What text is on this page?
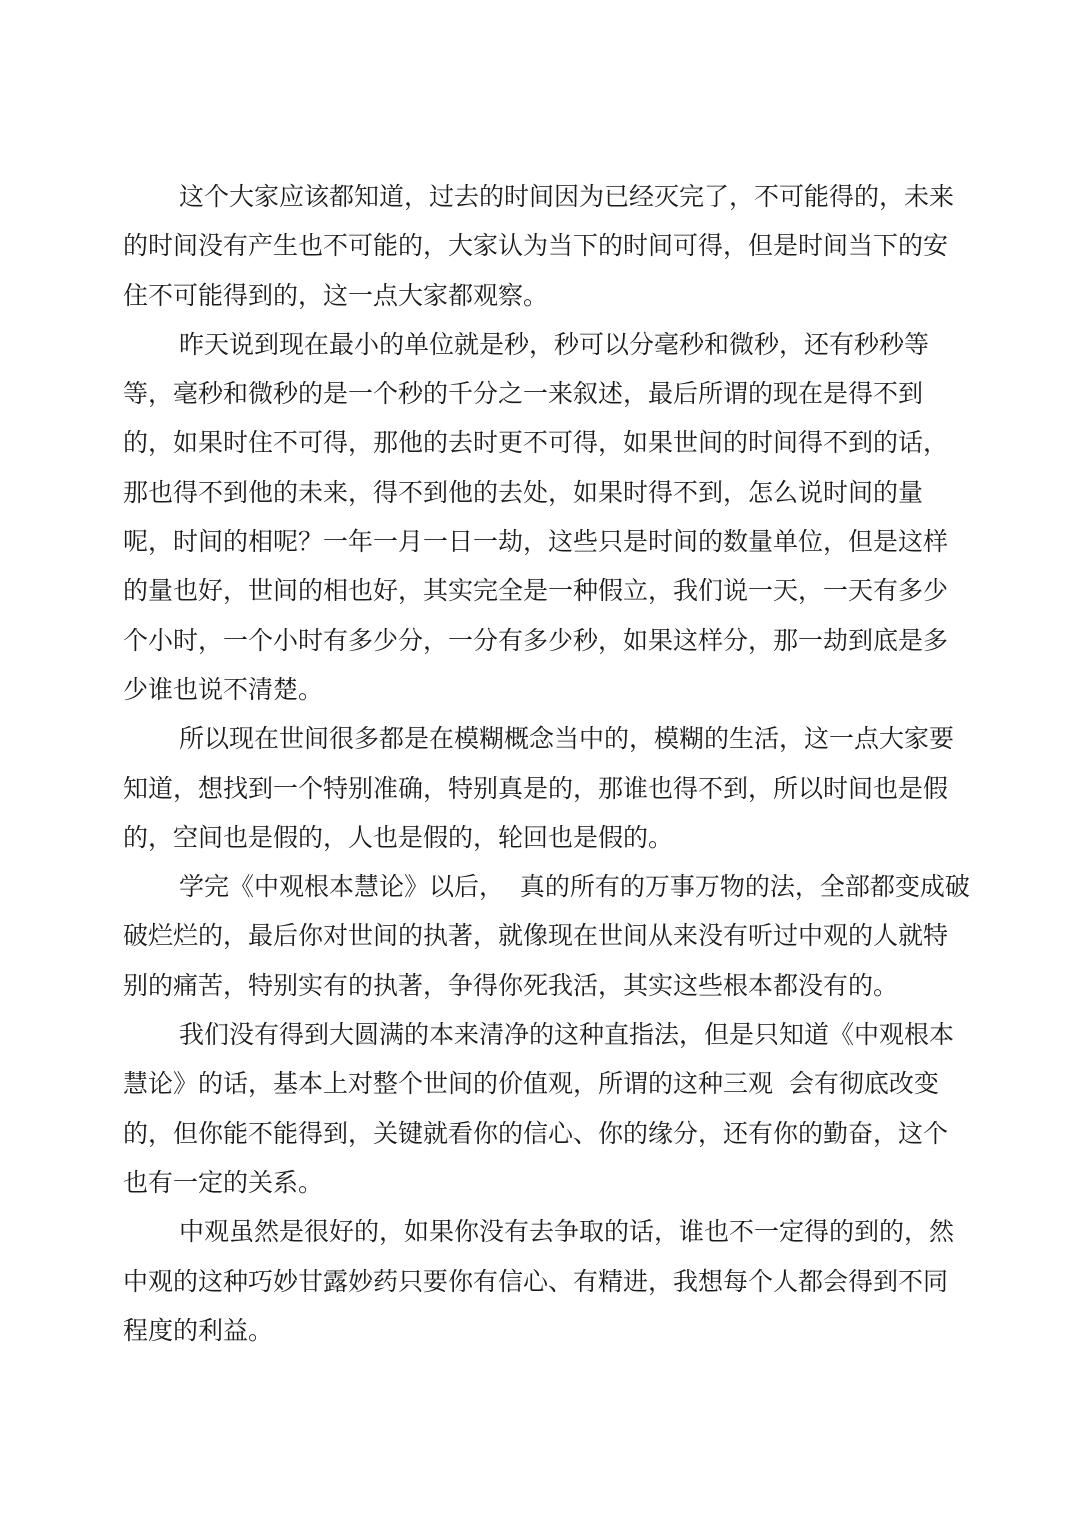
这个大家应该都知道，过去的时间因为已经灭完了，不可能得的，未来
的时间没有产生也不可能的，大家认为当下的时间可得，但是时间当下的安
住不可能得到的，这一点大家都观察。

昨天说到现在最小的单位就是秒，秒可以分毫秒和微秒，还有秒秒等
等，毫秒和微秒的是一个秒的千分之一来叙述，最后所谓的现在是得不到
的，如果时住不可得，那他的去时更不可得，如果世间的时间得不到的话，
那也得不到他的未来，得不到他的去处，如果时得不到，怎么说时间的量
呢，时间的相呢？一年一月一日一劫，这些只是时间的数量单位，但是这样
的量也好，世间的相也好，其实完全是一种假立，我们说一天，一天有多少
个小时，一个小时有多少分，一分有多少秒，如果这样分，那一劫到底是多
少谁也说不清楚。

所以现在世间很多都是在模糊概念当中的，模糊的生活，这一点大家要
知道，想找到一个特别准确，特别真是的，那谁也得不到，所以时间也是假
的，空间也是假的，人也是假的，轮回也是假的。

学完《中观根本慧论》以后，  真的所有的万事万物的法，全部都变成破
破烂烂的，最后你对世间的执著，就像现在世间从来没有听过中观的人就特
别的痛苦，特别实有的执著，争得你死我活，其实这些根本都没有的。

我们没有得到大圆满的本来清净的这种直指法，但是只知道《中观根本
慧论》的话，基本上对整个世间的价值观，所谓的这种三观  会有彻底改变
的，但你能不能得到，关键就看你的信心、你的缘分，还有你的勤奋，这个
也有一定的关系。

中观虽然是很好的，如果你没有去争取的话，谁也不一定得的到的，然
中观的这种巧妙甘露妙药只要你有信心、有精进，我想每个人都会得到不同
程度的利益。
